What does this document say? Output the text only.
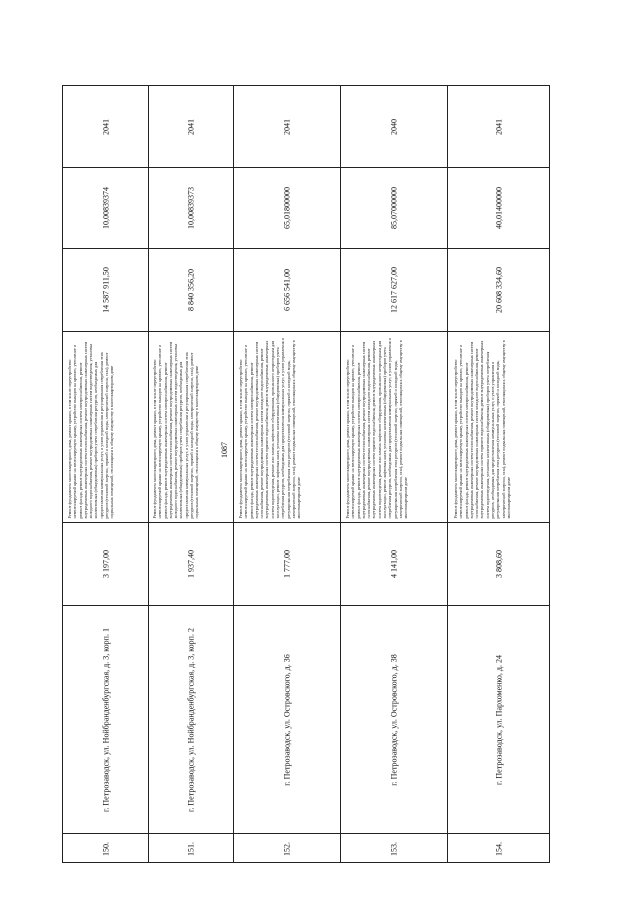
1087
2041
10,00839374
14 587 911,50
Ремонт фундамента многоквартирного дома, ремонт крыши, в том числе переустройство невентилируемой крыши на вентилируемую крышу, устройство выходов на кровлю, утепление и ремонт фасада, ремонт внутридомовых инженерных систем электроснабжения, ремонт внутридомовых инженерных систем теплоснабжения, ремонт внутридомовых инженерных систем холодного водоснабжения, ремонт внутридомовых инженерных систем водоотведения, установка коллективных (общедомовых) приборов учета потребления ресурсов, необходимых для предоставления коммунальных услуг, и узлов управления и регулирования потребления этих ресурсов (тепловой энергии, горячей и холодной воды, электрической энергии, газа), ремонт подвальных помещений, относящихся к общему имуществу в многоквартирном доме
3 197,00
г. Петрозаводск, ул. Нойбранденбургская, д. 3, корп. 1
150.
2041
10,00839373
8 840 356,20
Ремонт фундамента многоквартирного дома, ремонт крыши, в том числе переустройство невентилируемой крыши на вентилируемую крышу, устройство выходов на кровлю, утепление и ремонт фасада, ремонт внутридомовых инженерных систем электроснабжения, ремонт внутридомовых инженерных систем теплоснабжения, ремонт внутридомовых инженерных систем холодного водоснабжения, ремонт внутридомовых инженерных систем водоотведения, установка коллективных (общедомовых) приборов учета потребления ресурсов, необходимых для предоставления коммунальных услуг, и узлов управления и регулирования потребления этих ресурсов (тепловой энергии, горячей и холодной воды, электрической энергии, газа), ремонт подвальных помещений, относящихся к общему имуществу в многоквартирном доме
1 937,40
г. Петрозаводск, ул. Нойбранденбургская, д. 3, корп. 2
151.
2041
65,01800000
6 656 541,00
Ремонт фундамента многоквартирного дома, ремонт крыши, в том числе переустройство невентилируемой крыши на вентилируемую крышу, устройство выходов на кровлю, утепление и ремонт фасада, ремонт внутридомовых инженерных систем электроснабжения, ремонт внутридомовых инженерных систем теплоснабжения, ремонт внутридомовых инженерных систем газоснабжения, ремонт внутридомовых инженерных систем холодного водоснабжения, ремонт внутридомовых инженерных систем горячего водоснабжения, ремонт внутридомовых инженерных систем водоотведения, ремонт или замена лифтового оборудования, признанного непригодным для эксплуатации, ремонт лифтовых шахт, установка коллективных (общедомовых) приборов учета потребления ресурсов, необходимых для предоставления коммунальных услуг, и узлов управления и регулирования потребления этих ресурсов (тепловой энергии, горячей и холодной воды, электрической энергии, газа), ремонт подвальных помещений, относящихся к общему имуществу в многоквартирном доме
1 777,00
г. Петрозаводск, ул. Островского, д. 36
152.
2040
85,07000000
12 617 627,00
Ремонт фундамента многоквартирного дома, ремонт крыши, в том числе переустройство невентилируемой крыши на вентилируемую крышу, устройство выходов на кровлю, утепление и ремонт фасада, ремонт внутридомовых инженерных систем электроснабжения, ремонт внутридомовых инженерных систем теплоснабжения, ремонт внутридомовых инженерных систем газоснабжения, ремонт внутридомовых инженерных систем холодного водоснабжения, ремонт внутридомовых инженерных систем горячего водоснабжения, ремонт внутридомовых инженерных систем водоотведения, ремонт или замена лифтового оборудования, признанного непригодным для эксплуатации, ремонт лифтовых шахт, установка коллективных (общедомовых) приборов учета потребления ресурсов, необходимых для предоставления коммунальных услуг, и узлов управления и регулирования потребления этих ресурсов (тепловой энергии, горячей и холодной воды, электрической энергии, газа), ремонт подвальных помещений, относящихся к общему имуществу в многоквартирном доме
4 141,00
г. Петрозаводск, ул. Островского, д. 38
153.
2041
40,01400000
20 608 334,60
Ремонт фундамента многоквартирного дома, ремонт крыши, в том числе переустройство невентилируемой крыши на вентилируемую крышу, устройство выходов на кровлю, утепление и ремонт фасада, ремонт внутридомовых инженерных систем электроснабжения, ремонт внутридомовых инженерных систем теплоснабжения, ремонт внутридомовых инженерных систем газоснабжения, ремонт внутридомовых инженерных систем холодного водоснабжения, ремонт внутридомовых инженерных систем горячего водоснабжения, ремонт внутридомовых инженерных систем водоотведения, установка коллективных (общедомовых) приборов учета потребления ресурсов, необходимых для предоставления коммунальных услуг, и узлов управления и регулирования потребления этих ресурсов (тепловой энергии, горячей и холодной воды, электрической энергии, газа), ремонт подвальных помещений, относящихся к общему имуществу в многоквартирном доме
3 808,60
г. Петрозаводск, ул. Пархоменко, д. 24
154.
